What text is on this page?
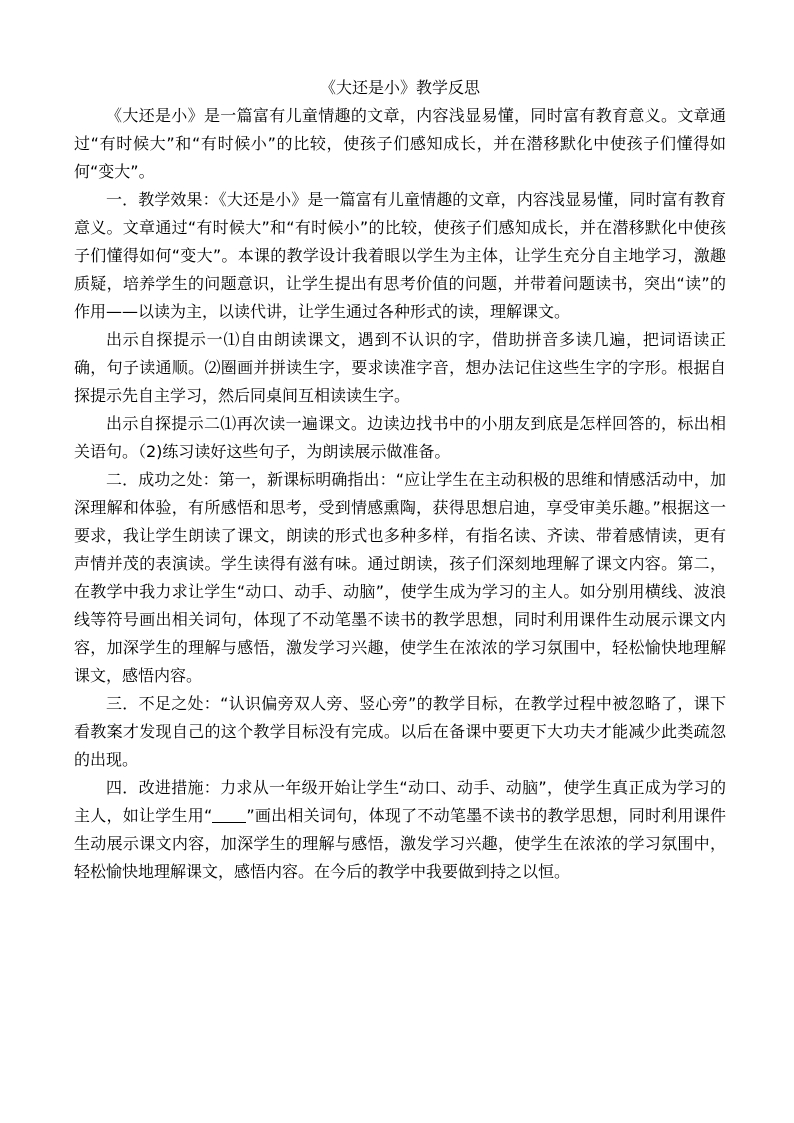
《大还是小》教学反思

《大还是小》是一篇富有儿童情趣的文章，内容浅显易懂，同时富有教育意义。文章通过“有时候大”和“有时候小”的比较，使孩子们感知成长，并在潜移默化中使孩子们懂得如何“变大”。

一．教学效果：《大还是小》是一篇富有儿童情趣的文章，内容浅显易懂，同时富有教育意义。文章通过“有时候大”和“有时候小”的比较，使孩子们感知成长，并在潜移默化中使孩子们懂得如何“变大”。本课的教学设计我着眼以学生为主体，让学生充分自主地学习，激趣质疑，培养学生的问题意识，让学生提出有思考价值的问题，并带着问题读书，突出“读”的作用——以读为主，以读代讲，让学生通过各种形式的读，理解课文。

出示自探提示一⑴自由朗读课文，遇到不认识的字，借助拼音多读几遍，把词语读正确，句子读通顺。⑵圈画并拼读生字，要求读准字音，想办法记住这些生字的字形。根据自探提示先自主学习，然后同桌间互相读读生字。

出示自探提示二⑴再次读一遍课文。边读边找书中的小朋友到底是怎样回答的，标出相关语句。（2)练习读好这些句子，为朗读展示做准备。

二．成功之处：第一，新课标明确指出：“应让学生在主动积极的思维和情感活动中，加深理解和体验，有所感悟和思考，受到情感熏陶，获得思想启迪，享受审美乐趣。”根据这一要求，我让学生朗读了课文，朗读的形式也多种多样，有指名读、齐读、带着感情读，更有声情并茂的表演读。学生读得有滋有味。通过朗读，孩子们深刻地理解了课文内容。第二，在教学中我力求让学生“动口、动手、动脑”，使学生成为学习的主人。如分别用横线、波浪线等符号画出相关词句，体现了不动笔墨不读书的教学思想，同时利用课件生动展示课文内容，加深学生的理解与感悟，激发学习兴趣，使学生在浓浓的学习氛围中，轻松愉快地理解课文，感悟内容。

三．不足之处：“认识偏旁双人旁、竖心旁”的教学目标，在教学过程中被忽略了，课下看教案才发现自己的这个教学目标没有完成。以后在备课中要更下大功夫才能减少此类疏忽的出现。

四．改进措施：力求从一年级开始让学生“动口、动手、动脑”，使学生真正成为学习的主人，如让学生用“ ”画出相关词句，体现了不动笔墨不读书的教学思想，同时利用课件生动展示课文内容，加深学生的理解与感悟，激发学习兴趣，使学生在浓浓的学习氛围中，轻松愉快地理解课文，感悟内容。在今后的教学中我要做到持之以恒。
